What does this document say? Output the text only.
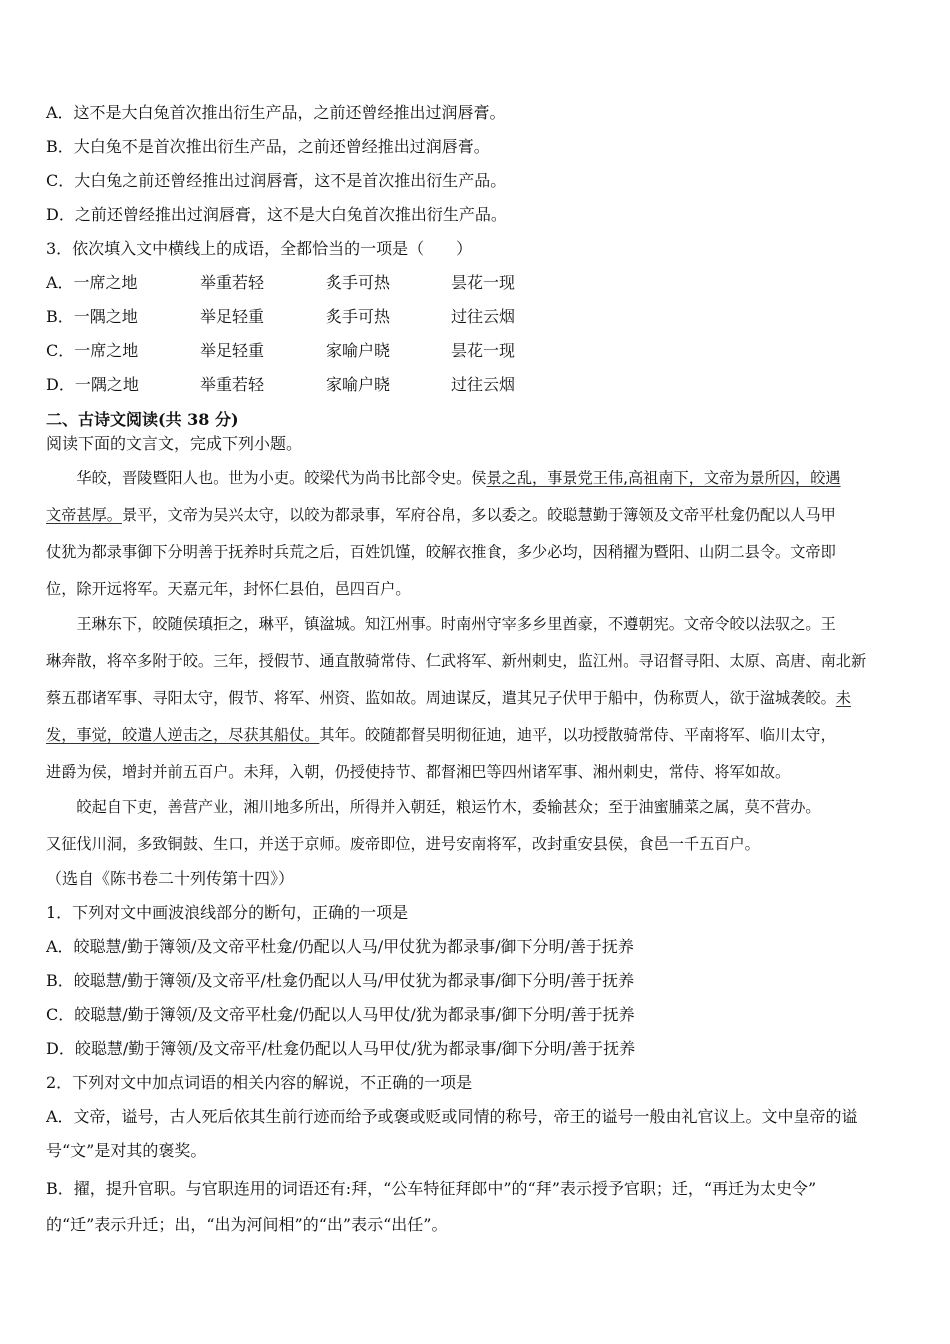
A．这不是大白兔首次推出衍生产品，之前还曾经推出过润唇膏。
B．大白兔不是首次推出衍生产品，之前还曾经推出过润唇膏。
C．大白兔之前还曾经推出过润唇膏，这不是首次推出衍生产品。
D．之前还曾经推出过润唇膏，这不是大白兔首次推出衍生产品。
3．依次填入文中横线上的成语，全都恰当的一项是（　　）
A．一席之地	举重若轻	炙手可热	昙花一现
B．一隅之地	举足轻重	炙手可热	过往云烟
C．一席之地	举足轻重	家喻户晓	昙花一现
D．一隅之地	举重若轻	家喻户晓	过往云烟
二、古诗文阅读(共 38 分)
阅读下面的文言文，完成下列小题。
　　华皎，晋陵暨阳人也。世为小吏。皎梁代为尚书比部令史。侯景之乱，事景党王伟,高祖南下，文帝为景所囚，皎遇
文帝甚厚。景平，文帝为吴兴太守，以皎为都录事，军府谷帛，多以委之。皎聪慧勤于簿领及文帝平杜龛仍配以人马甲
仗犹为都录事御下分明善于抚养时兵荒之后，百姓饥馑，皎解衣推食，多少必均，因稍擢为暨阳、山阴二县令。文帝即
位，除开远将军。天嘉元年，封怀仁县伯，邑四百户。
　　王琳东下，皎随侯瑱拒之，琳平，镇湓城。知江州事。时南州守宰多乡里酋豪，不遵朝宪。文帝令皎以法驭之。王
琳奔散，将卒多附于皎。三年，授假节、通直散骑常侍、仁武将军、新州刺史，监江州。寻诏督寻阳、太原、高唐、南北新
蔡五郡诸军事、寻阳太守，假节、将军、州资、监如故。周迪谋反，遣其兄子伏甲于船中，伪称贾人，欲于湓城袭皎。未
发，事觉，皎遣人逆击之，尽获其船仗。其年。皎随都督吴明彻征迪，迪平，以功授散骑常侍、平南将军、临川太守，
进爵为侯，增封并前五百户。未拜，入朝，仍授使持节、都督湘巴等四州诸军事、湘州刺史，常侍、将军如故。
　　皎起自下吏，善营产业，湘川地多所出，所得并入朝廷，粮运竹木，委输甚众；至于油蜜脯菜之属，莫不营办。
又征伐川洞，多致铜鼓、生口，并送于京师。废帝即位，进号安南将军，改封重安县侯，食邑一千五百户。
（选自《陈书卷二十列传第十四》）
1．下列对文中画波浪线部分的断句，正确的一项是
A．皎聪慧/勤于簿领/及文帝平杜龛/仍配以人马/甲仗犹为都录事/御下分明/善于抚养
B．皎聪慧/勤于簿领/及文帝平/杜龛仍配以人马/甲仗犹为都录事/御下分明/善于抚养
C．皎聪慧/勤于簿领/及文帝平杜龛/仍配以人马甲仗/犹为都录事/御下分明/善于抚养
D．皎聪慧/勤于簿领/及文帝平/杜龛仍配以人马甲仗/犹为都录事/御下分明/善于抚养
2．下列对文中加点词语的相关内容的解说，不正确的一项是
A．文帝，谥号，古人死后依其生前行迹而给予或褒或贬或同情的称号，帝王的谥号一般由礼官议上。文中皇帝的谥
号“文”是对其的褒奖。
B．擢，提升官职。与官职连用的词语还有:拜，“公车特征拜郎中”的“拜”表示授予官职；迁，“再迁为太史令”
的“迁”表示升迁；出，“出为河间相”的“出”表示“出任”。
